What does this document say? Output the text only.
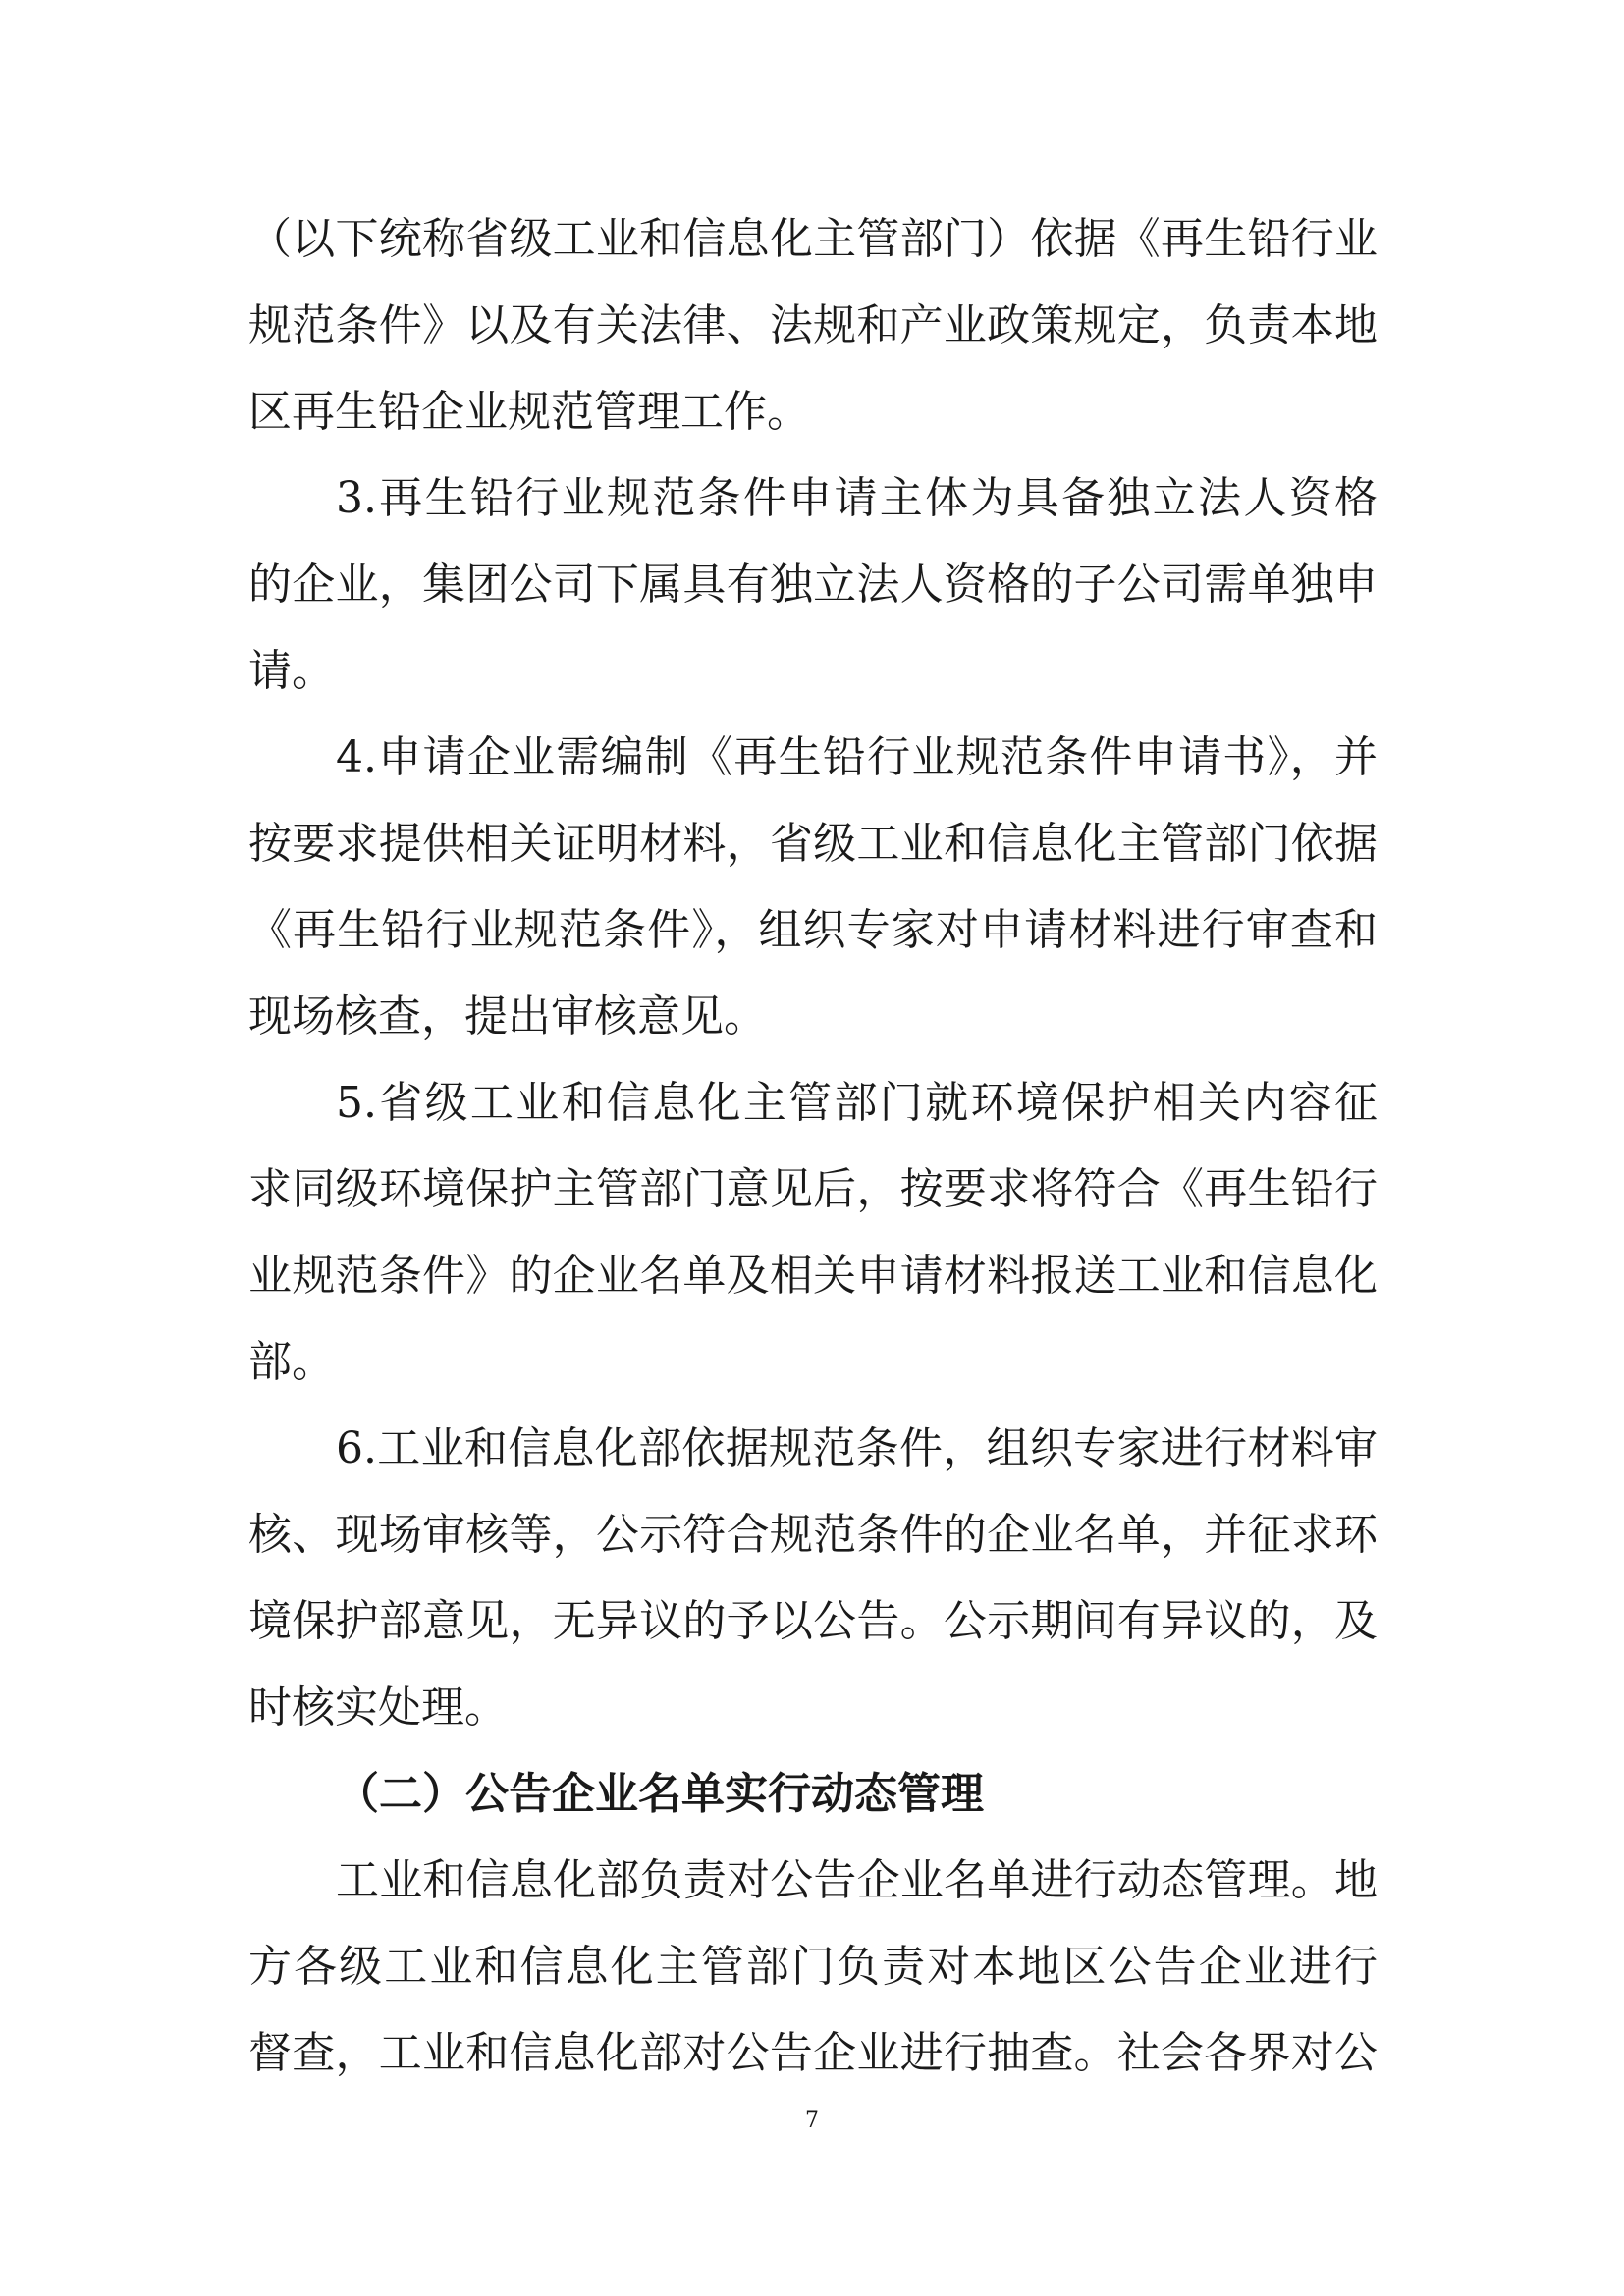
（以下统称省级工业和信息化主管部门）依据《再生铅行业
规范条件》以及有关法律、法规和产业政策规定，负责本地
区再生铅企业规范管理工作。
3.再生铅行业规范条件申请主体为具备独立法人资格
的企业，集团公司下属具有独立法人资格的子公司需单独申
请。
4.申请企业需编制《再生铅行业规范条件申请书》，并
按要求提供相关证明材料，省级工业和信息化主管部门依据
《再生铅行业规范条件》，组织专家对申请材料进行审查和
现场核查，提出审核意见。
5.省级工业和信息化主管部门就环境保护相关内容征
求同级环境保护主管部门意见后，按要求将符合《再生铅行
业规范条件》的企业名单及相关申请材料报送工业和信息化
部。
6.工业和信息化部依据规范条件，组织专家进行材料审
核、现场审核等，公示符合规范条件的企业名单，并征求环
境保护部意见，无异议的予以公告。公示期间有异议的，及
时核实处理。
（二）公告企业名单实行动态管理
工业和信息化部负责对公告企业名单进行动态管理。地
方各级工业和信息化主管部门负责对本地区公告企业进行
督查，工业和信息化部对公告企业进行抽查。社会各界对公
7
